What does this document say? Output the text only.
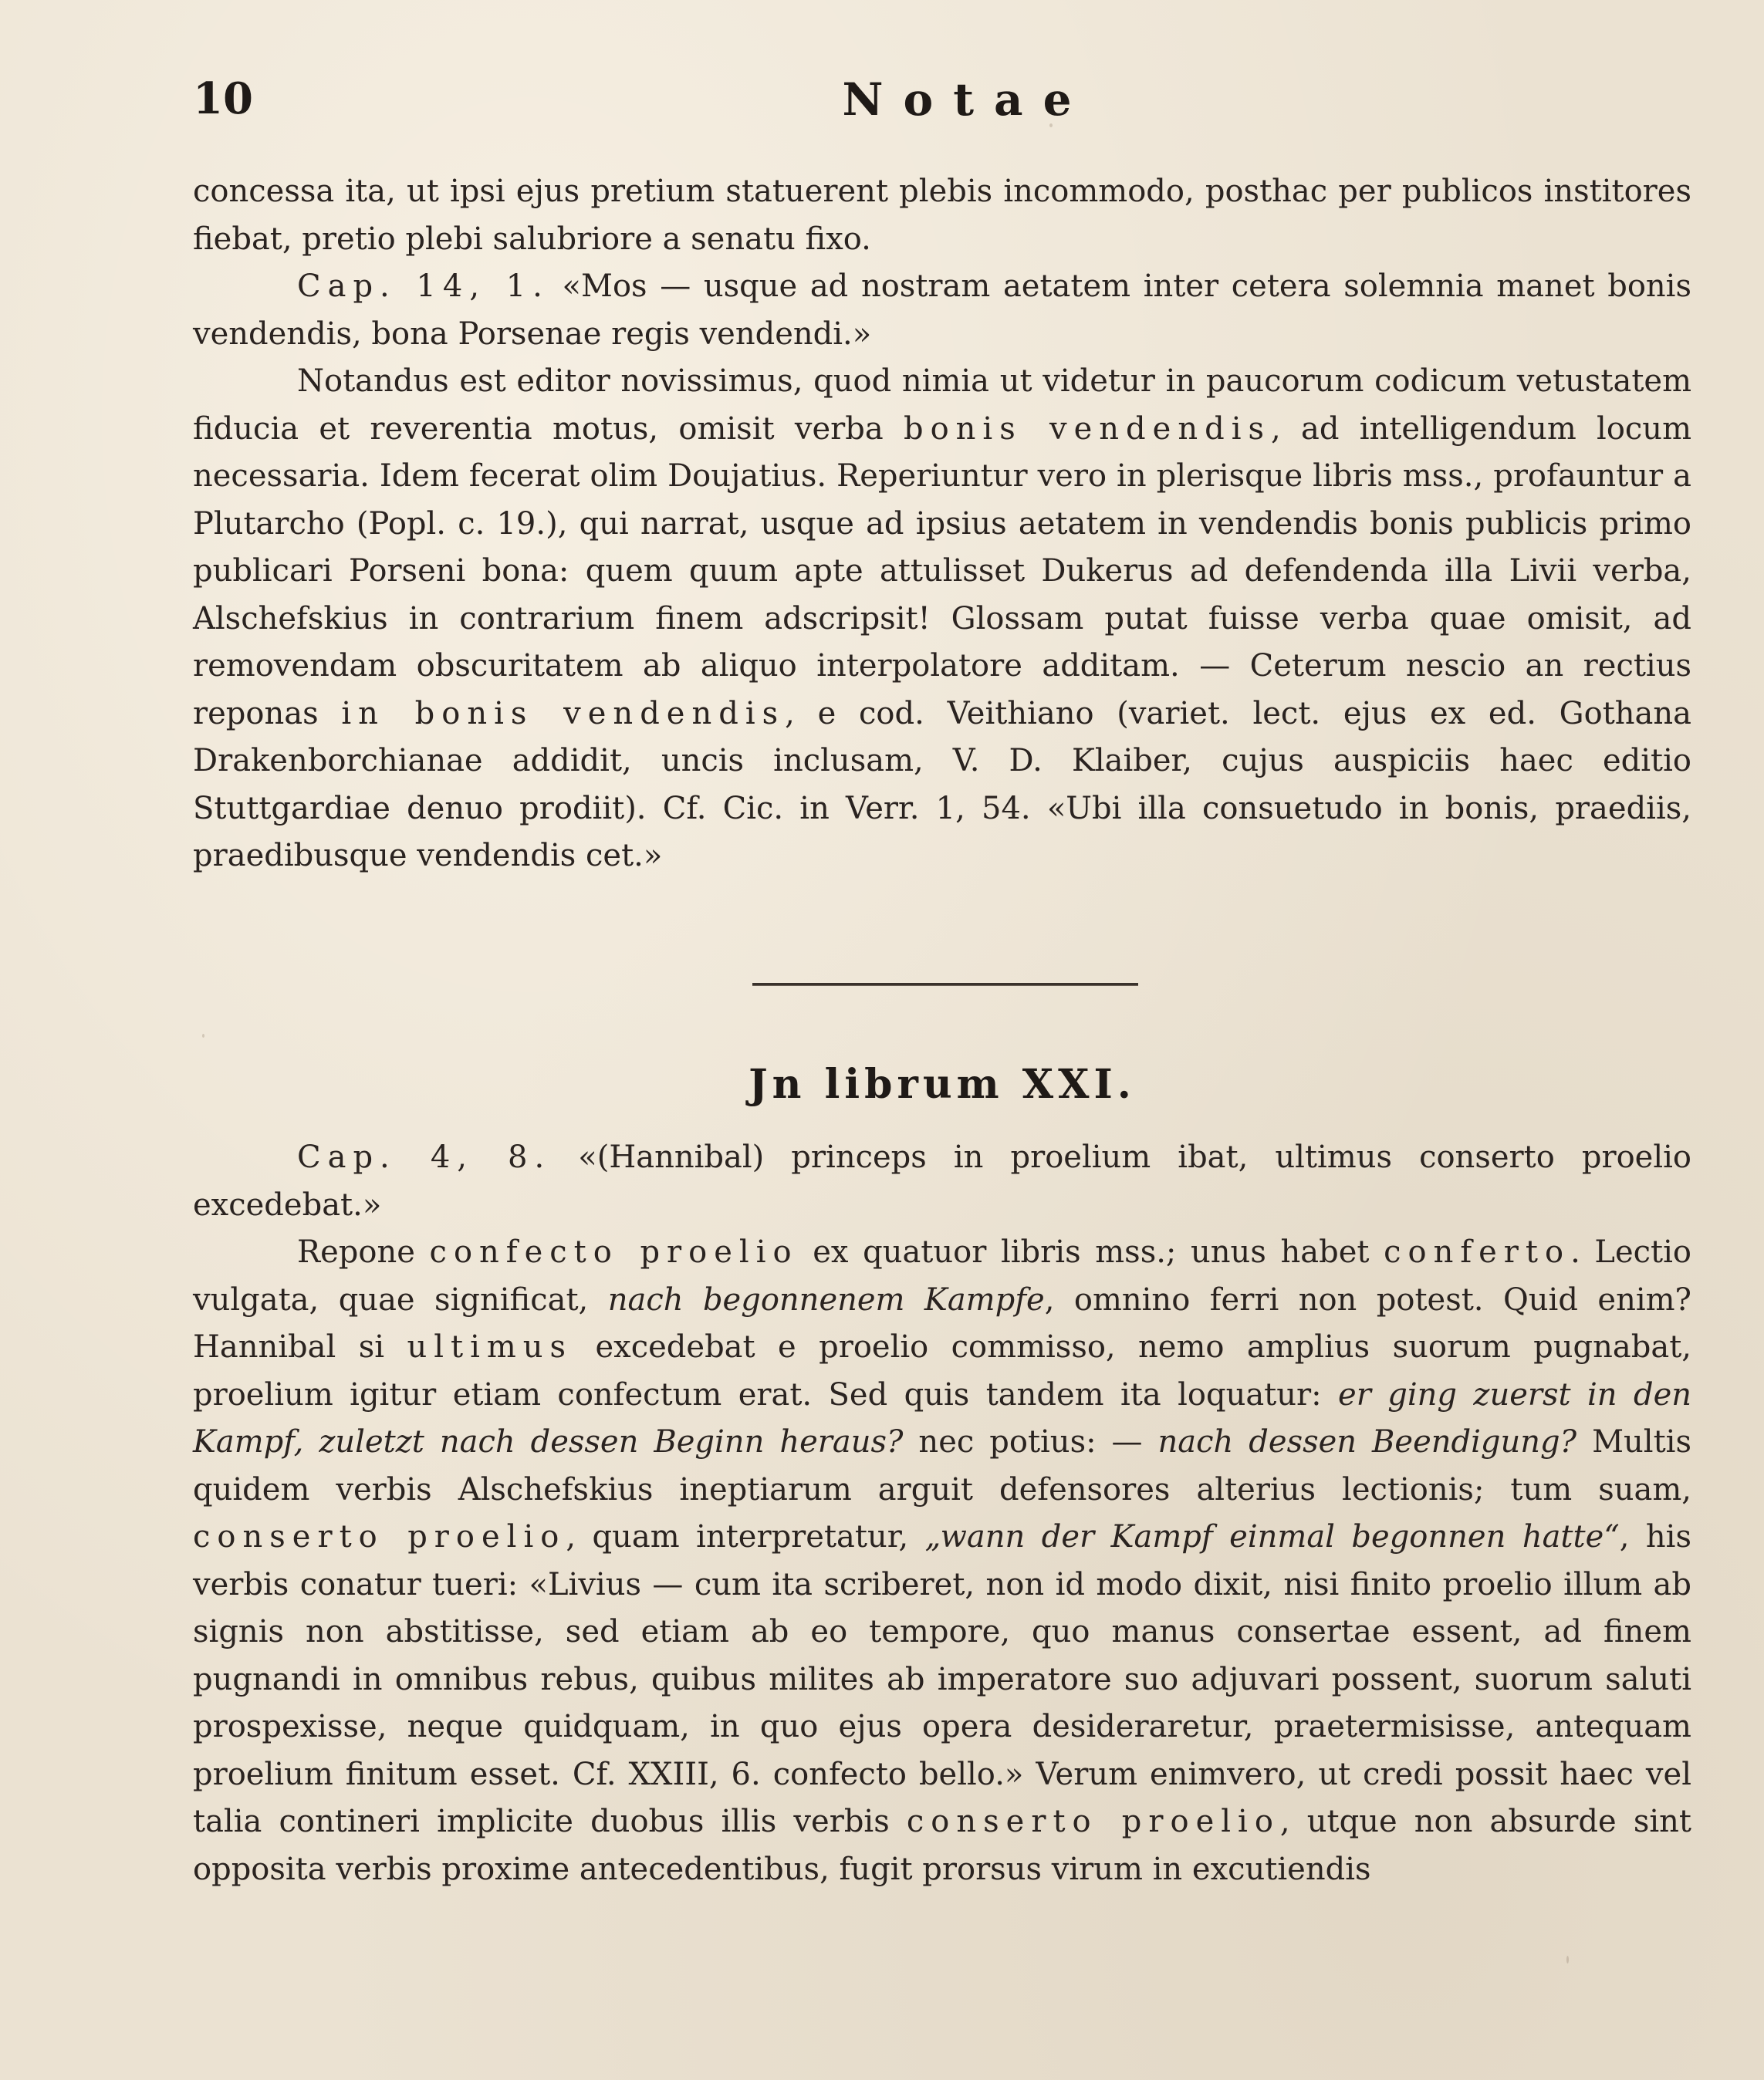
10	Notae

concessa ita, ut ipsi ejus pretium statuerent plebis incommodo, posthac per publicos institores fiebat, pretio plebi salubriore a senatu fixo.

Cap. 14, 1. «Mos — usque ad nostram aetatem inter cetera solemnia manet bonis vendendis, bona Porsenae regis vendendi.»

Notandus est editor novissimus, quod nimia ut videtur in paucorum codicum vetustatem fiducia et reverentia motus, omisit verba bonis vendendis, ad intelligendum locum necessaria. Idem fecerat olim Doujatius. Reperiuntur vero in plerisque libris mss., profauntur a Plutarcho (Popl. c. 19.), qui narrat, usque ad ipsius aetatem in vendendis bonis publicis primo publicari Porseni bona: quem quum apte attulisset Dukerus ad defendenda illa Livii verba, Alschefskius in contrarium finem adscripsit! Glossam putat fuisse verba quae omisit, ad removendam obscuritatem ab aliquo interpolatore additam. — Ceterum nescio an rectius reponas in bonis vendendis, e cod. Veithiano (variet. lect. ejus ex ed. Gothana Drakenborchianae addidit, uncis inclusam, V. D. Klaiber, cujus auspiciis haec editio Stuttgardiae denuo prodiit). Cf. Cic. in Verr. 1, 54. «Ubi illa consuetudo in bonis, praediis, praedibusque vendendis cet.»

Jn librum XXI.

Cap. 4, 8. «(Hannibal) princeps in proelium ibat, ultimus conserto proelio excedebat.»

Repone confecto proelio ex quatuor libris mss.; unus habet conferto. Lectio vulgata, quae significat, nach begonnenem Kampfe, omnino ferri non potest. Quid enim? Hannibal si ultimus excedebat e proelio commisso, nemo amplius suorum pugnabat, proelium igitur etiam confectum erat. Sed quis tandem ita loquatur: er ging zuerst in den Kampf, zuletzt nach dessen Beginn heraus? nec potius: — nach dessen Beendigung? Multis quidem verbis Alschefskius ineptiarum arguit defensores alterius lectionis; tum suam, conserto proelio, quam interpretatur, „wann der Kampf einmal begonnen hatte“, his verbis conatur tueri: «Livius — cum ita scriberet, non id modo dixit, nisi finito proelio illum ab signis non abstitisse, sed etiam ab eo tempore, quo manus consertae essent, ad finem pugnandi in omnibus rebus, quibus milites ab imperatore suo adjuvari possent, suorum saluti prospexisse, neque quidquam, in quo ejus opera desideraretur, praetermisisse, antequam proelium finitum esset. Cf. XXIII, 6. confecto bello.» Verum enimvero, ut credi possit haec vel talia contineri implicite duobus illis verbis conserto proelio, utque non absurde sint opposita verbis proxime antecedentibus, fugit prorsus virum in excutiendis
